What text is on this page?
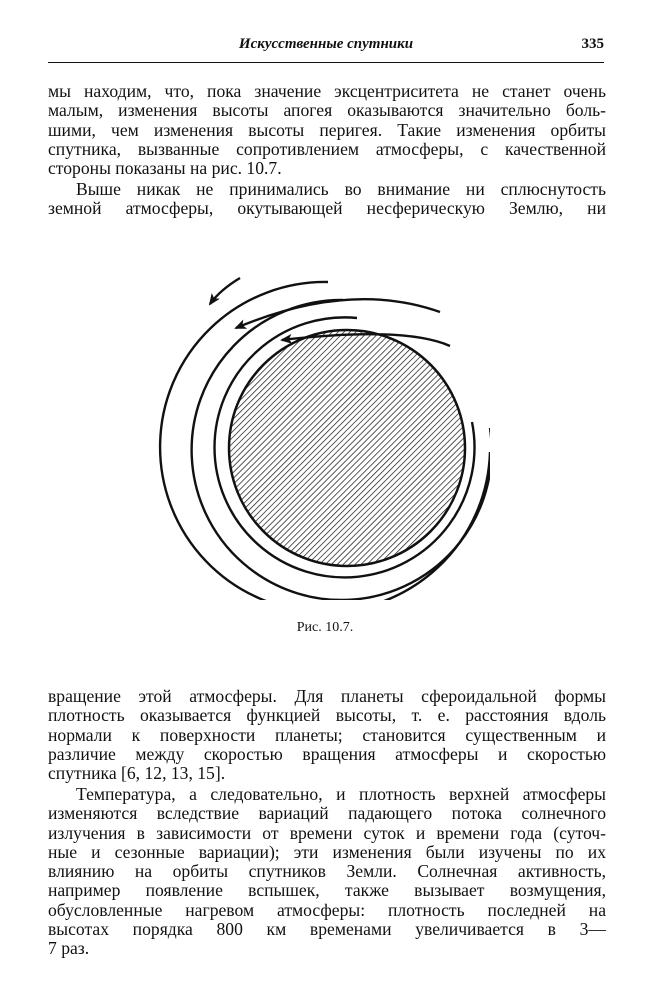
Искусственные спутники	335
мы находим, что, пока значение эксцентриситета не станет очень
малым, изменения высоты апогея оказываются значительно боль-
шими, чем изменения высоты перигея. Такие изменения орбиты
спутника, вызванные сопротивлением атмосферы, с качественной
стороны показаны на рис. 10.7.
Выше никак не принимались во внимание ни сплюснутость
земной атмосферы, окутывающей несферическую Землю, ни
Рис. 10.7.
вращение этой атмосферы. Для планеты сфероидальной формы
плотность оказывается функцией высоты, т. е. расстояния вдоль
нормали к поверхности планеты; становится существенным и
различие между скоростью вращения атмосферы и скоростью
спутника [6, 12, 13, 15].
Температура, а следовательно, и плотность верхней атмосферы
изменяются вследствие вариаций падающего потока солнечного
излучения в зависимости от времени суток и времени года (суточ-
ные и сезонные вариации); эти изменения были изучены по их
влиянию на орбиты спутников Земли. Солнечная активность,
например появление вспышек, также вызывает возмущения,
обусловленные нагревом атмосферы: плотность последней на
высотах порядка 800 км временами увеличивается в 3—
7 раз.
